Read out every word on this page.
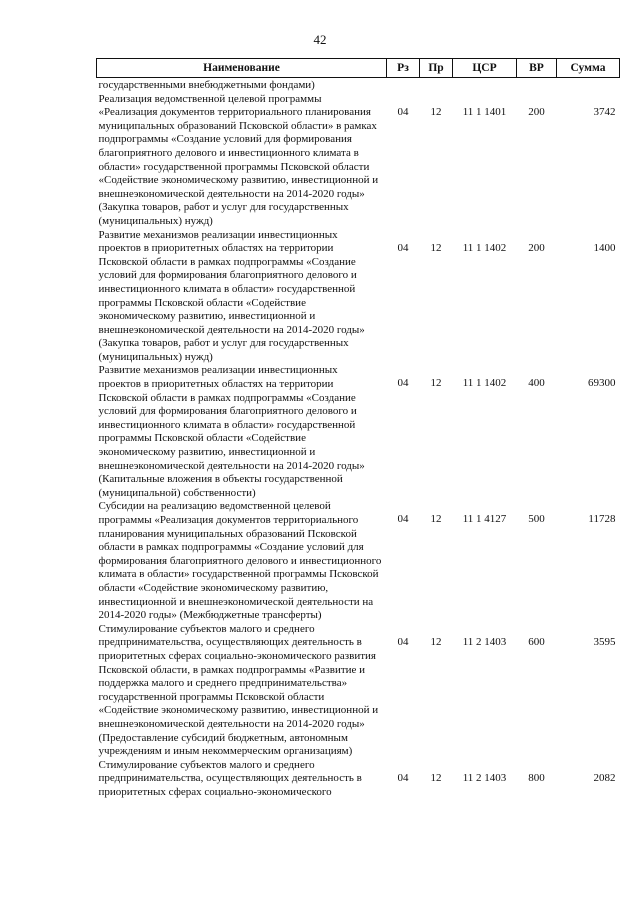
42
Наименование	Рз	Пр	ЦСР	ВР	Сумма
государственными внебюджетными фондами)					
Реализация ведомственной целевой программы «Реализация документов территориального планирования муниципальных образований Псковской области» в рамках подпрограммы «Создание условий для формирования благоприятного делового и инвестиционного климата в области» государственной программы Псковской области «Содействие экономическому развитию, инвестиционной и внешнеэкономической деятельности на 2014-2020 годы» (Закупка товаров, работ и услуг для государственных (муниципальных) нужд)	04	12	11 1 1401	200	3742
Развитие механизмов реализации инвестиционных проектов в приоритетных областях на территории Псковской области в рамках подпрограммы «Создание условий для формирования благоприятного делового и инвестиционного климата в области» государственной программы Псковской области «Содействие экономическому развитию, инвестиционной и внешнеэкономической деятельности на 2014-2020 годы» (Закупка товаров, работ и услуг для государственных (муниципальных) нужд)	04	12	11 1 1402	200	1400
Развитие механизмов реализации инвестиционных проектов в приоритетных областях на территории Псковской области в рамках подпрограммы «Создание условий для формирования благоприятного делового и инвестиционного климата в области» государственной программы Псковской области «Содействие экономическому развитию, инвестиционной и внешнеэкономической деятельности на 2014-2020 годы» (Капитальные вложения в объекты государственной (муниципальной) собственности)	04	12	11 1 1402	400	69300
Субсидии на реализацию ведомственной целевой программы «Реализация документов территориального планирования муниципальных образований Псковской области в рамках подпрограммы «Создание условий для формирования благоприятного делового и инвестиционного климата в области» государственной программы Псковской области «Содействие экономическому развитию, инвестиционной и внешнеэкономической деятельности на 2014-2020 годы» (Межбюджетные трансферты)	04	12	11 1 4127	500	11728
Стимулирование субъектов малого и среднего предпринимательства, осуществляющих деятельность в приоритетных сферах социально-экономического развития Псковской области, в рамках подпрограммы «Развитие и поддержка малого и среднего предпринимательства» государственной программы Псковской области «Содействие экономическому развитию, инвестиционной и внешнеэкономической деятельности на 2014-2020 годы» (Предоставление субсидий бюджетным, автономным учреждениям и иным некоммерческим организациям)	04	12	11 2 1403	600	3595
Стимулирование субъектов малого и среднего предпринимательства, осуществляющих деятельность в приоритетных сферах социально-экономического	04	12	11 2 1403	800	2082
